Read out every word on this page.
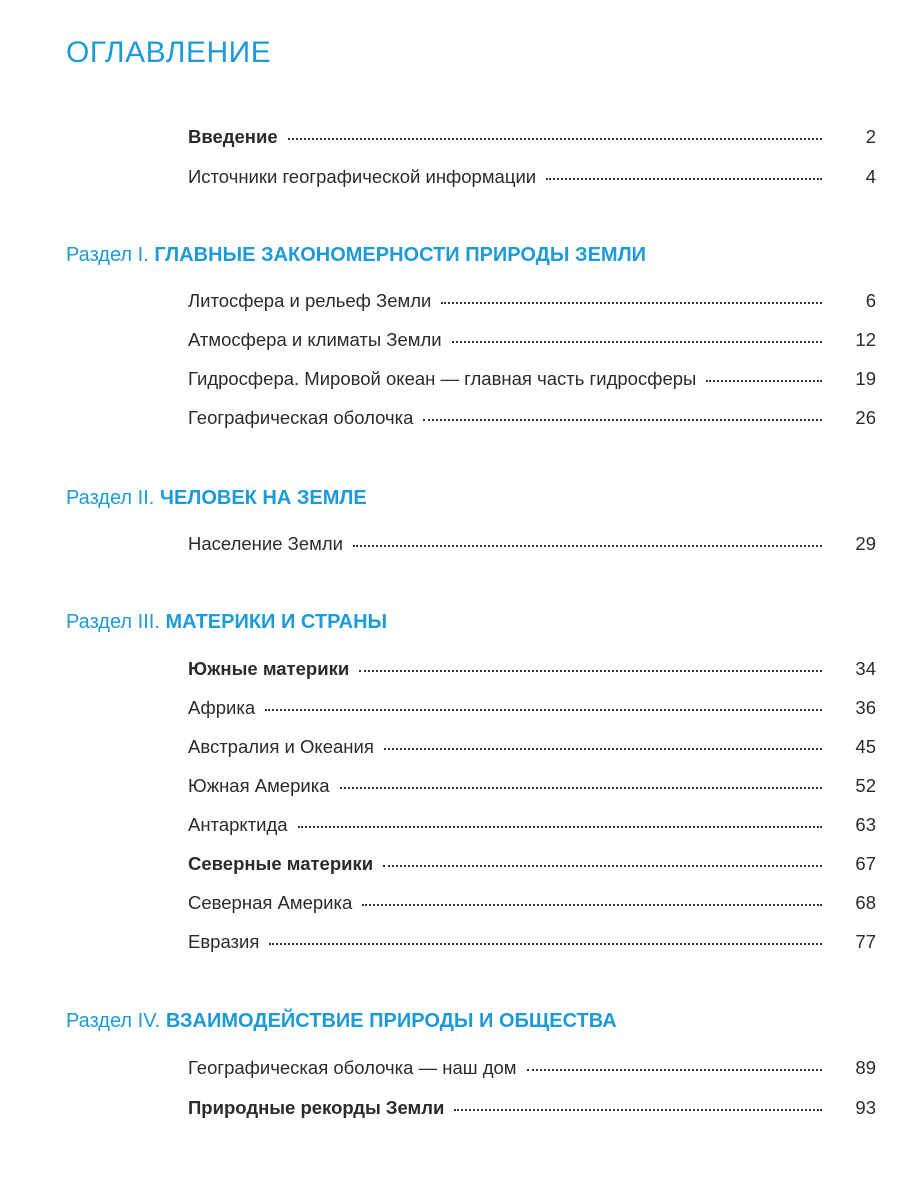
ОГЛАВЛЕНИЕ
Введение	2
Источники географической информации	4
Раздел I. ГЛАВНЫЕ ЗАКОНОМЕРНОСТИ ПРИРОДЫ ЗЕМЛИ
Литосфера и рельеф Земли	6
Атмосфера и климаты Земли	12
Гидросфера. Мировой океан — главная часть гидросферы	19
Географическая оболочка	26
Раздел II. ЧЕЛОВЕК НА ЗЕМЛЕ
Население Земли	29
Раздел III. МАТЕРИКИ И СТРАНЫ
Южные материки	34
Африка	36
Австралия и Океания	45
Южная Америка	52
Антарктида	63
Северные материки	67
Северная Америка	68
Евразия	77
Раздел IV. ВЗАИМОДЕЙСТВИЕ ПРИРОДЫ И ОБЩЕСТВА
Географическая оболочка — наш дом	89
Природные рекорды Земли	93
